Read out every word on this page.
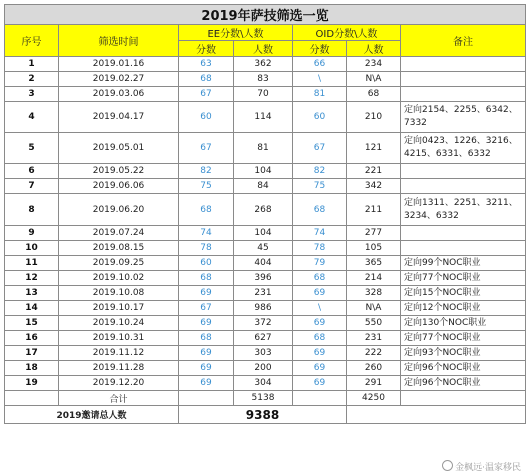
2019年萨技筛选一览						
序号	筛选时间	EE分数\人数		OID分数\人数		备注
		分数	人数	分数	人数	
1	2019.01.16	63	362	66	234	
2	2019.02.27	68	83	\	N\A	
3	2019.03.06	67	70	81	68	
4	2019.04.17	60	114	60	210	定向2154、2255、6342、7332
5	2019.05.01	67	81	67	121	定向0423、1226、3216、4215、6331、6332
6	2019.05.22	82	104	82	221	
7	2019.06.06	75	84	75	342	
8	2019.06.20	68	268	68	211	定向1311、2251、3211、3234、6332
9	2019.07.24	74	104	74	277	
10	2019.08.15	78	45	78	105	
11	2019.09.25	60	404	79	365	定向99个NOC职业
12	2019.10.02	68	396	68	214	定向77个NOC职业
13	2019.10.08	69	231	69	328	定向15个NOC职业
14	2019.10.17	67	986	\	N\A	定向12个NOC职业
15	2019.10.24	69	372	69	550	定向130个NOC职业
16	2019.10.31	68	627	68	231	定向77个NOC职业
17	2019.11.12	69	303	69	222	定向93个NOC职业
18	2019.11.28	69	200	69	260	定向96个NOC职业
19	2019.12.20	69	304	69	291	定向96个NOC职业
	合计		5138		4250	
2019邀请总人数		9388				
金枫远·温家移民
